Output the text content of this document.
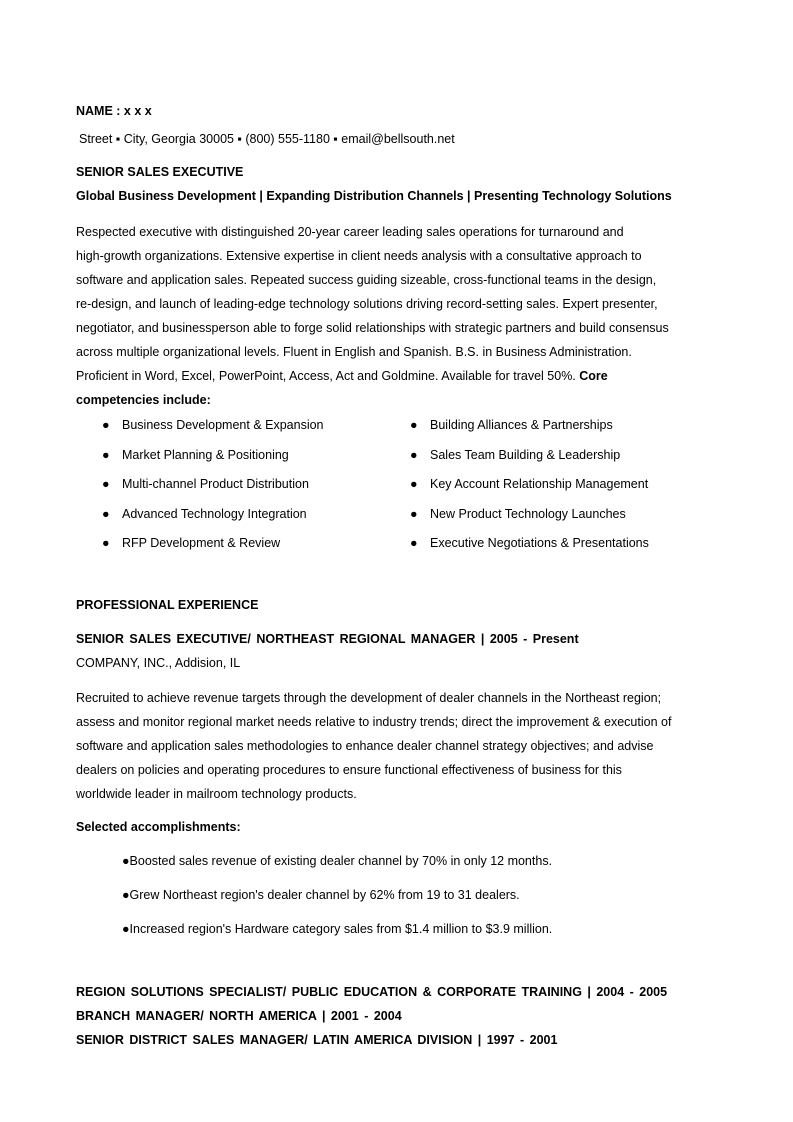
NAME : x x x
Street ▪ City, Georgia 30005 ▪ (800) 555-1180 ▪ email@bellsouth.net
SENIOR SALES EXECUTIVE
Global Business Development | Expanding Distribution Channels | Presenting Technology Solutions

Respected executive with distinguished 20-year career leading sales operations for turnaround and

high-growth organizations. Extensive expertise in client needs analysis with a consultative approach to

software and application sales. Repeated success guiding sizeable, cross-functional teams in the design,

re-design, and launch of leading-edge technology solutions driving record-setting sales. Expert presenter,

negotiator, and businessperson able to forge solid relationships with strategic partners and build consensus

across multiple organizational levels. Fluent in English and Spanish. B.S. in Business Administration.

Proficient in Word, Excel, PowerPoint, Access, Act and Goldmine. Available for travel 50%. Core

competencies include:

● Business Development & Expansion	● Building Alliances & Partnerships
● Market Planning & Positioning	● Sales Team Building & Leadership
● Multi-channel Product Distribution	● Key Account Relationship Management
● Advanced Technology Integration	● New Product Technology Launches
● RFP Development & Review	● Executive Negotiations & Presentations
PROFESSIONAL EXPERIENCE
SENIOR SALES EXECUTIVE/ NORTHEAST REGIONAL MANAGER | 2005 - Present
COMPANY, INC., Addision, IL

Recruited to achieve revenue targets through the development of dealer channels in the Northeast region;

assess and monitor regional market needs relative to industry trends; direct the improvement & execution of

software and application sales methodologies to enhance dealer channel strategy objectives; and advise

dealers on policies and operating procedures to ensure functional effectiveness of business for this

worldwide leader in mailroom technology products.

Selected accomplishments:
●Boosted sales revenue of existing dealer channel by 70% in only 12 months.
●Grew Northeast region's dealer channel by 62% from 19 to 31 dealers.
●Increased region's Hardware category sales from $1.4 million to $3.9 million.
REGION SOLUTIONS SPECIALIST/ PUBLIC EDUCATION & CORPORATE TRAINING | 2004 - 2005
BRANCH MANAGER/ NORTH AMERICA | 2001 - 2004
SENIOR DISTRICT SALES MANAGER/ LATIN AMERICA DIVISION | 1997 - 2001
